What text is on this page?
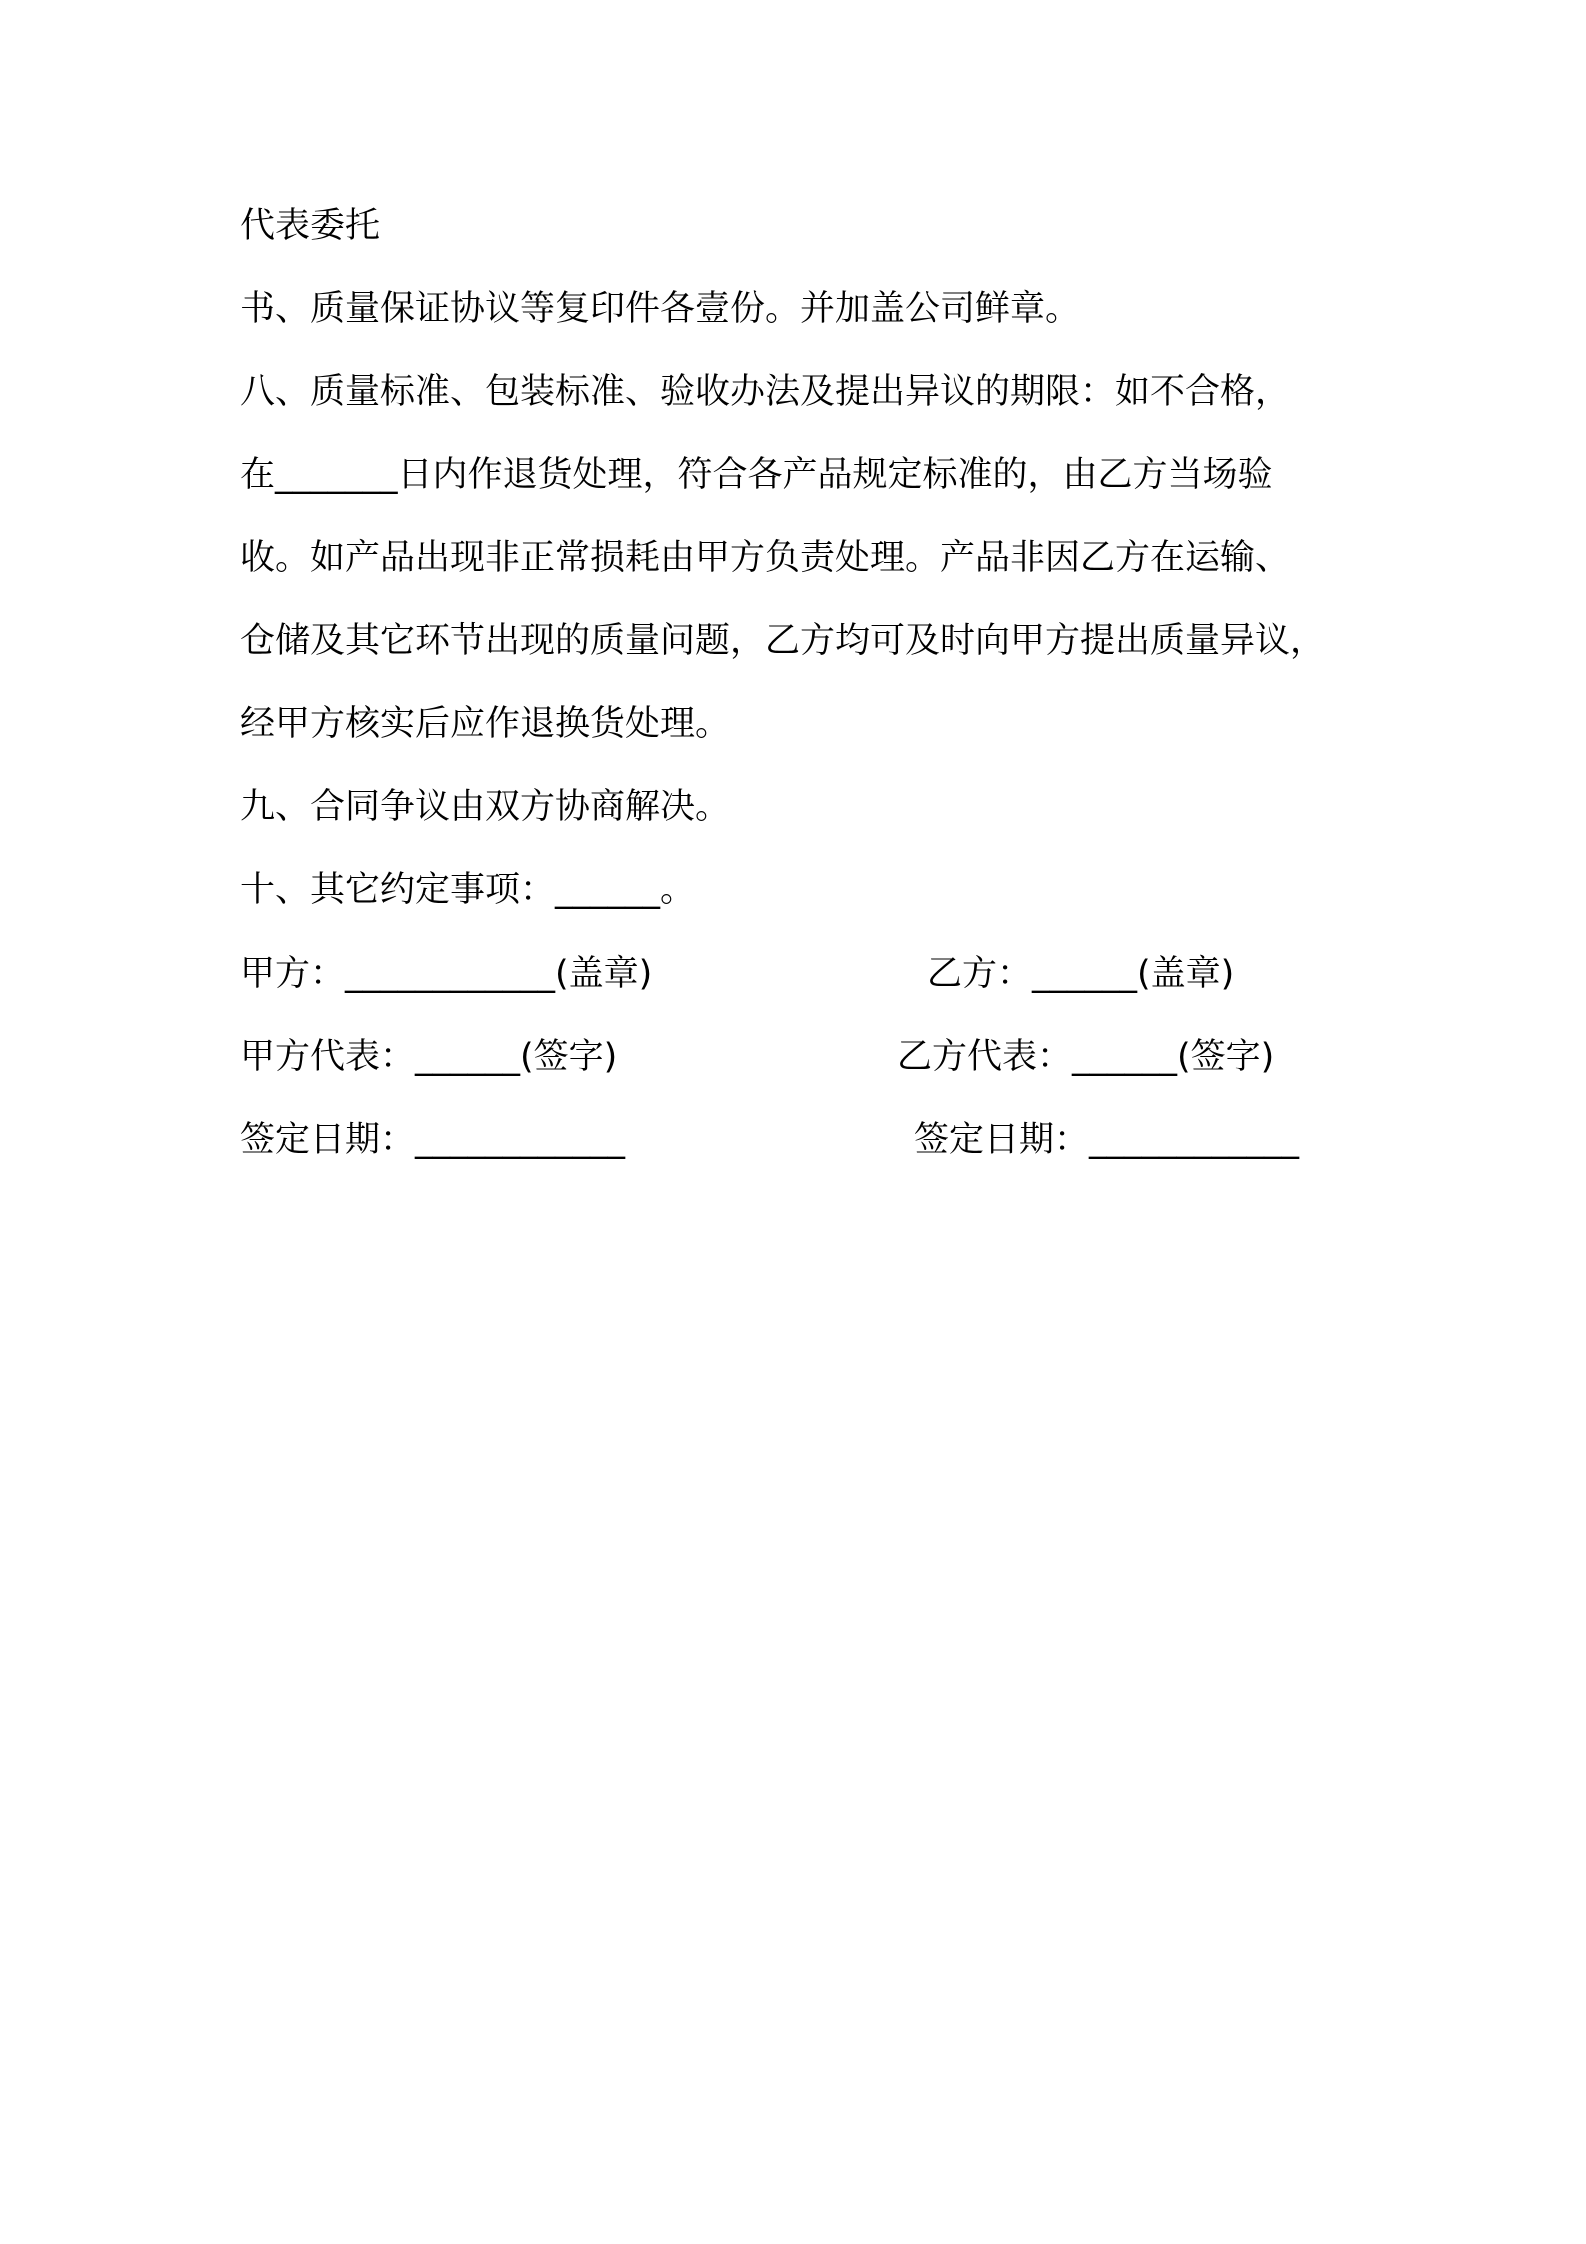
代表委托
书、质量保证协议等复印件各壹份。并加盖公司鲜章。
八、质量标准、包装标准、验收办法及提出异议的期限：如不合格，
在_______日内作退货处理，符合各产品规定标准的，由乙方当场验
收。如产品出现非正常损耗由甲方负责处理。产品非因乙方在运输、
仓储及其它环节出现的质量问题，乙方均可及时向甲方提出质量异议，
经甲方核实后应作退换货处理。
九、合同争议由双方协商解决。
十、其它约定事项：______。
甲方：____________(盖章)	乙方：______(盖章)
甲方代表：______(签字)	乙方代表：______(签字)
签定日期：____________	签定日期：____________
